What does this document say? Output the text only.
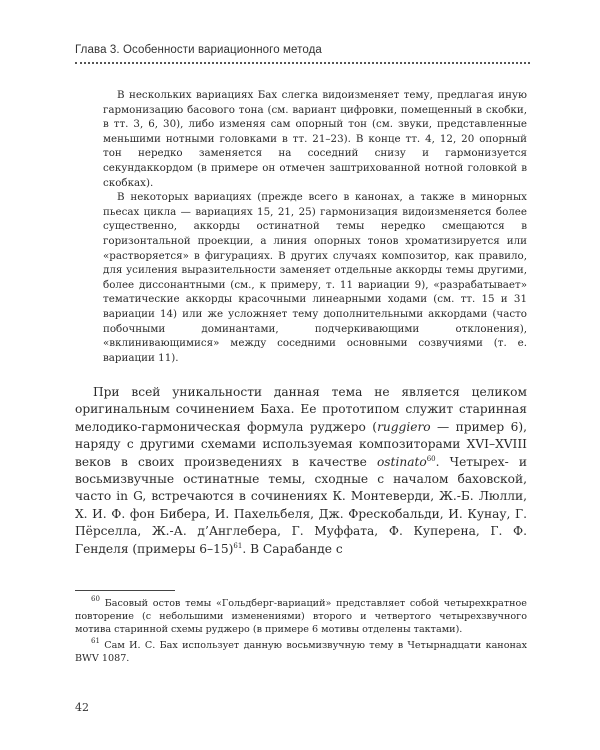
Глава 3. Особенности вариационного метода

В нескольких вариациях Бах слегка видоизменяет тему, предлагая иную гармонизацию басового тона (см. вариант цифровки, помещенный в скобки, в тт. 3, 6, 30), либо изменяя сам опорный тон (см. звуки, представленные меньшими нотными головками в тт. 21–23). В конце тт. 4, 12, 20 опорный тон нередко заменяется на соседний снизу и гармонизуется секундаккордом (в примере он отмечен заштрихованной нотной головкой в скобках).

В некоторых вариациях (прежде всего в канонах, а также в минорных пьесах цикла — вариациях 15, 21, 25) гармонизация видоизменяется более существенно, аккорды остинатной темы нередко смещаются в горизонтальной проекции, а линия опорных тонов хроматизируется или «растворяется» в фигурациях. В других случаях композитор, как правило, для усиления выразительности заменяет отдельные аккорды темы другими, более диссонантными (см., к примеру, т. 11 вариации 9), «разрабатывает» тематические аккорды красочными линеарными ходами (см. тт. 15 и 31 вариации 14) или же усложняет тему дополнительными аккордами (часто побочными доминантами, подчеркивающими отклонения), «вклинивающимися» между соседними основными созвучиями (т. е. вариации 11).

При всей уникальности данная тема не является целиком оригинальным сочинением Баха. Ее прототипом служит старинная мелодико-гармоническая формула руджеро (ruggiero — пример 6), наряду с другими схемами используемая композиторами XVI–XVIII веков в своих произведениях в качестве ostinato$^{60}$. Четырех- и восьмизвучные остинатные темы, сходные с началом баховской, часто in G, встречаются в сочинениях К. Монтеверди, Ж.-Б. Люлли, Х. И. Ф. фон Бибера, И. Пахельбеля, Дж. Фрескобальди, И. Кунау, Г. Пёрселла, Ж.-А. д’Англебера, Г. Муффата, Ф. Куперена, Г. Ф. Генделя (примеры 6–15)$^{61}$. В Сарабанде с

$^{60}$ Басовый остов темы «Гольдберг-вариаций» представляет собой четырехкратное повторение (с небольшими изменениями) второго и четвертого четырехзвучного мотива старинной схемы руджеро (в примере 6 мотивы отделены тактами).

$^{61}$ Сам И. С. Бах использует данную восьмизвучную тему в Четырнадцати канонах BWV 1087.

42
